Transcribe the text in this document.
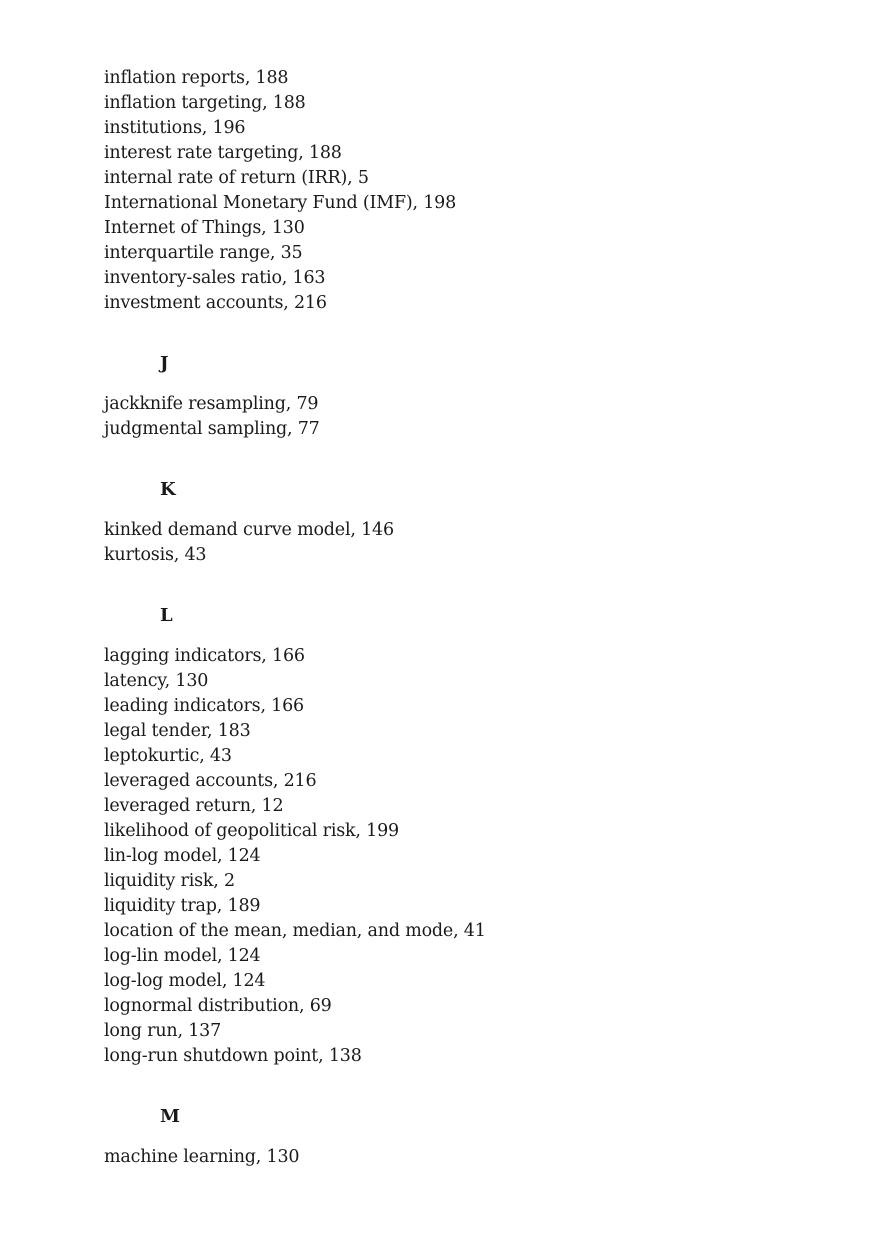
inflation reports, 188
inflation targeting, 188
institutions, 196
interest rate targeting, 188
internal rate of return (IRR), 5
International Monetary Fund (IMF), 198
Internet of Things, 130
interquartile range, 35
inventory-sales ratio, 163
investment accounts, 216
J
jackknife resampling, 79
judgmental sampling, 77
K
kinked demand curve model, 146
kurtosis, 43
L
lagging indicators, 166
latency, 130
leading indicators, 166
legal tender, 183
leptokurtic, 43
leveraged accounts, 216
leveraged return, 12
likelihood of geopolitical risk, 199
lin-log model, 124
liquidity risk, 2
liquidity trap, 189
location of the mean, median, and mode, 41
log-lin model, 124
log-log model, 124
lognormal distribution, 69
long run, 137
long-run shutdown point, 138
M
machine learning, 130
